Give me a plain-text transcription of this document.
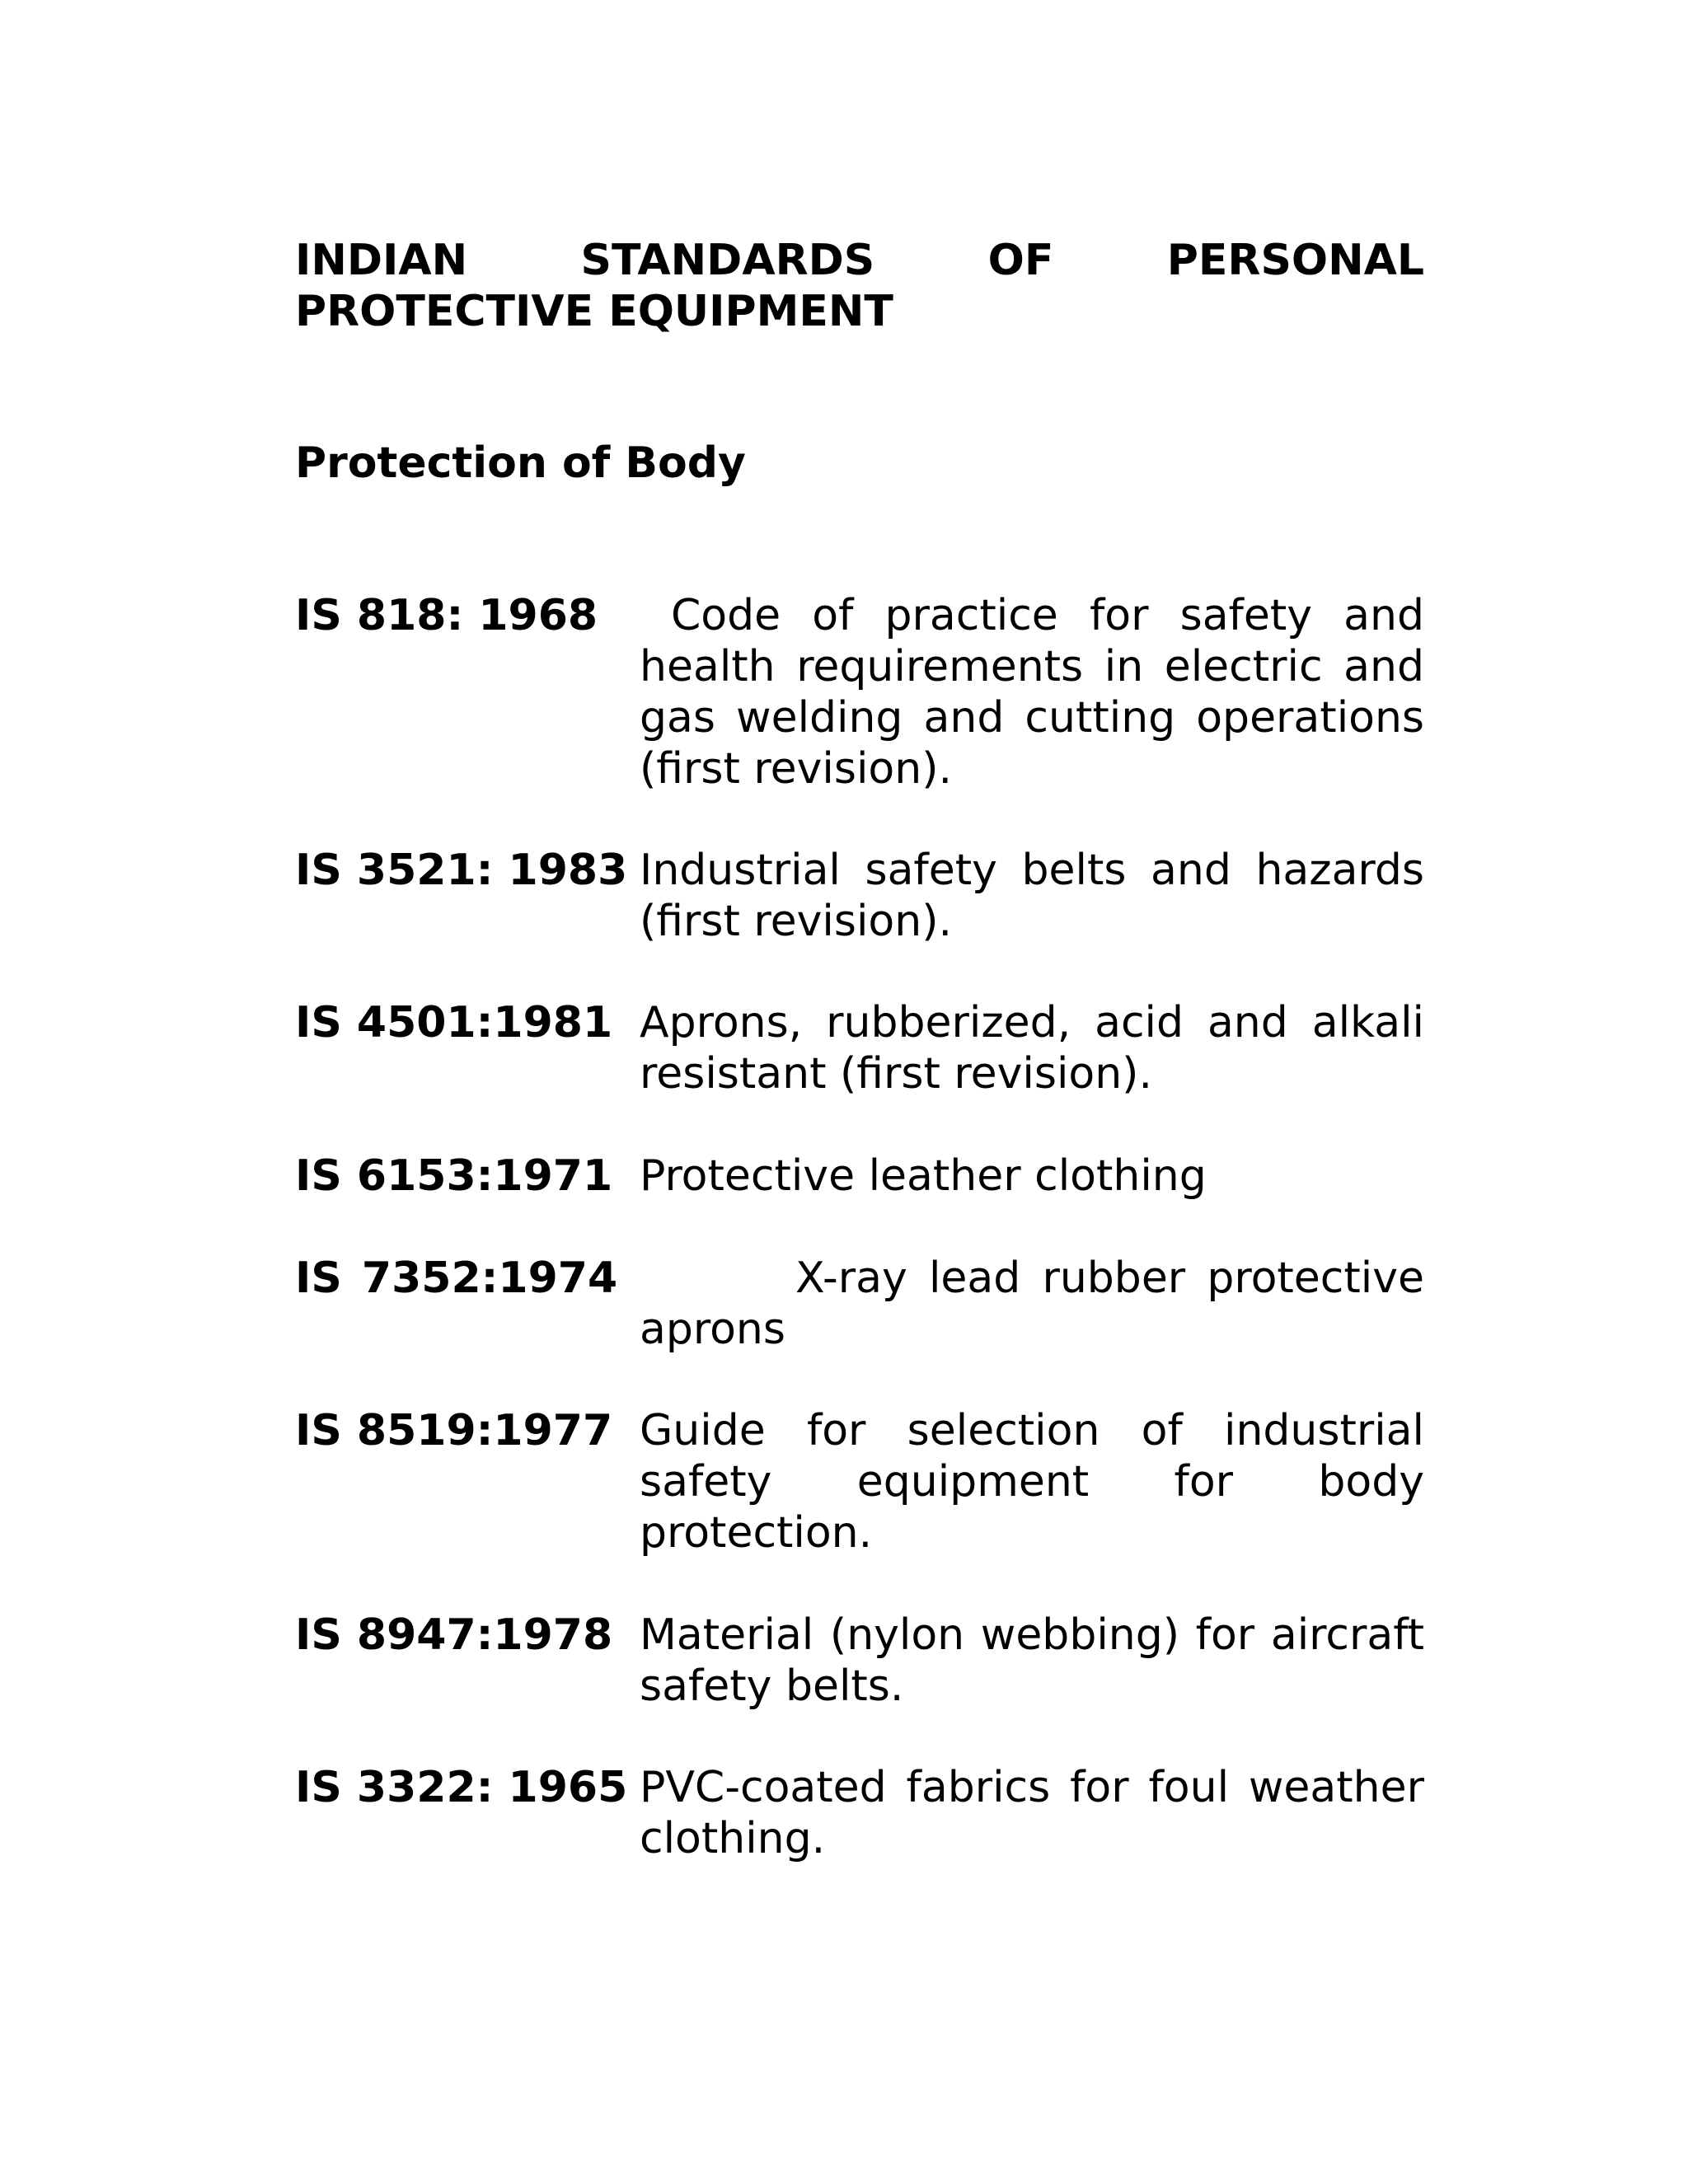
INDIAN STANDARDS OF PERSONAL
PROTECTIVE EQUIPMENT
Protection of Body
IS 818: 1968	Code of practice for safety and health requirements in electric and gas welding and cutting operations (first revision).
IS 3521: 1983 Industrial safety belts and hazards (first revision).
IS 4501:1981 Aprons, rubberized, acid and alkali resistant (first revision).
IS 6153:1971 Protective leather clothing
IS 7352:1974	X-ray lead rubber protective aprons
IS 8519:1977 Guide for selection of industrial safety equipment for body protection.
IS 8947:1978 Material (nylon webbing) for aircraft safety belts.
IS 3322: 1965 PVC-coated fabrics for foul weather clothing.
